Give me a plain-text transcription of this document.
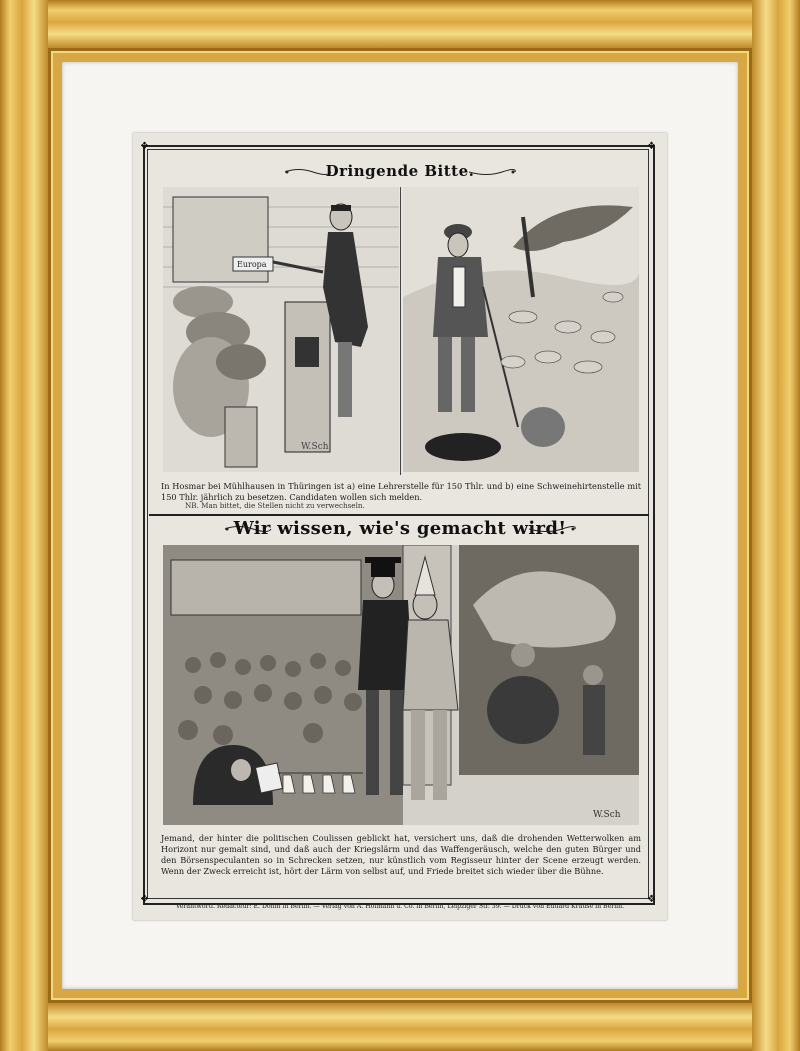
❖	❖
❖	❖
Dringende Bitte.
Europa
W.Sch
In Hosmar bei Mühlhausen in Thüringen ist a) eine Lehrerstelle für 150 Thlr. und b) eine Schweinehirtenstelle mit 150 Thlr. jährlich zu besetzen. Candidaten wollen sich melden.
NB. Man bittet, die Stellen nicht zu verwechseln.
Wir wissen, wie's gemacht wird!
W.Sch
Jemand, der hinter die politischen Coulissen geblickt hat, versichert uns, daß die drohenden Wetterwolken am Horizont nur gemalt sind, und daß auch der Kriegslärm und das Waffengeräusch, welche den guten Bürger und den Börsenspeculanten so in Schrecken setzen, nur künstlich vom Regisseur hinter der Scene erzeugt werden. Wenn der Zweck erreicht ist, hört der Lärm von selbst auf, und Friede breitet sich wieder über die Bühne.
Verantwortl. Redacteur: E. Dohm in Berlin. — Verlag von A. Hofmann u. Co. in Berlin, Leipziger Str. 39. — Druck von Eduard Krause in Berlin.
